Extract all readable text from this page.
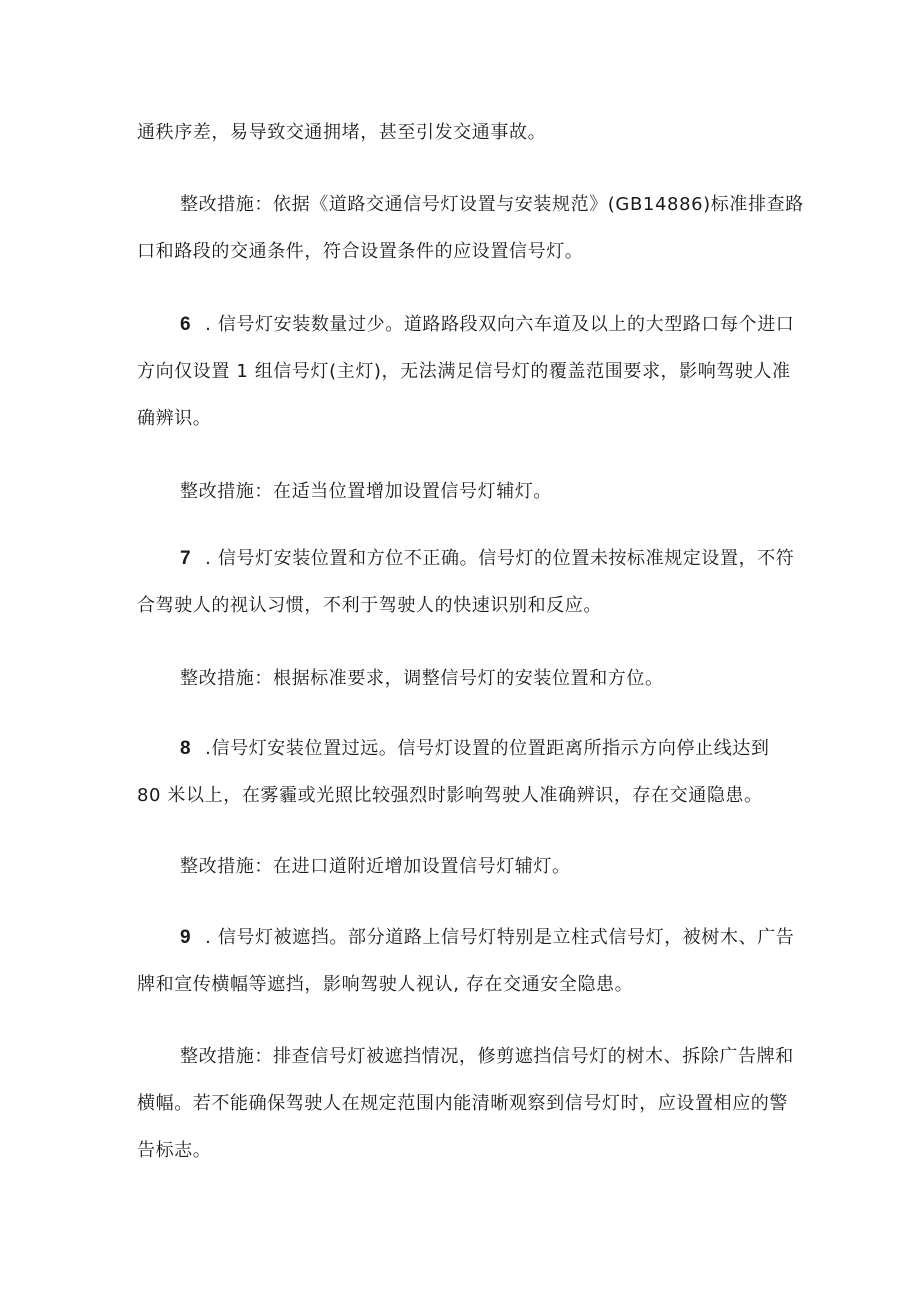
通秩序差，易导致交通拥堵，甚至引发交通事故。
整改措施：依据《道路交通信号灯设置与安装规范》(GB14886)标准排查路
口和路段的交通条件，符合设置条件的应设置信号灯。
6 . 信号灯安装数量过少。道路路段双向六车道及以上的大型路口每个进口
方向仅设置 1 组信号灯(主灯)，无法满足信号灯的覆盖范围要求，影响驾驶人准
确辨识。
整改措施：在适当位置增加设置信号灯辅灯。
7 . 信号灯安装位置和方位不正确。信号灯的位置未按标准规定设置，不符
合驾驶人的视认习惯，不利于驾驶人的快速识别和反应。
整改措施：根据标准要求，调整信号灯的安装位置和方位。
8 .信号灯安装位置过远。信号灯设置的位置距离所指示方向停止线达到
80 米以上，在雾霾或光照比较强烈时影响驾驶人准确辨识，存在交通隐患。
整改措施：在进口道附近增加设置信号灯辅灯。
9 . 信号灯被遮挡。部分道路上信号灯特别是立柱式信号灯，被树木、广告
牌和宣传横幅等遮挡，影响驾驶人视认, 存在交通安全隐患。
整改措施：排查信号灯被遮挡情况，修剪遮挡信号灯的树木、拆除广告牌和
横幅。若不能确保驾驶人在规定范围内能清晰观察到信号灯时，应设置相应的警
告标志。
